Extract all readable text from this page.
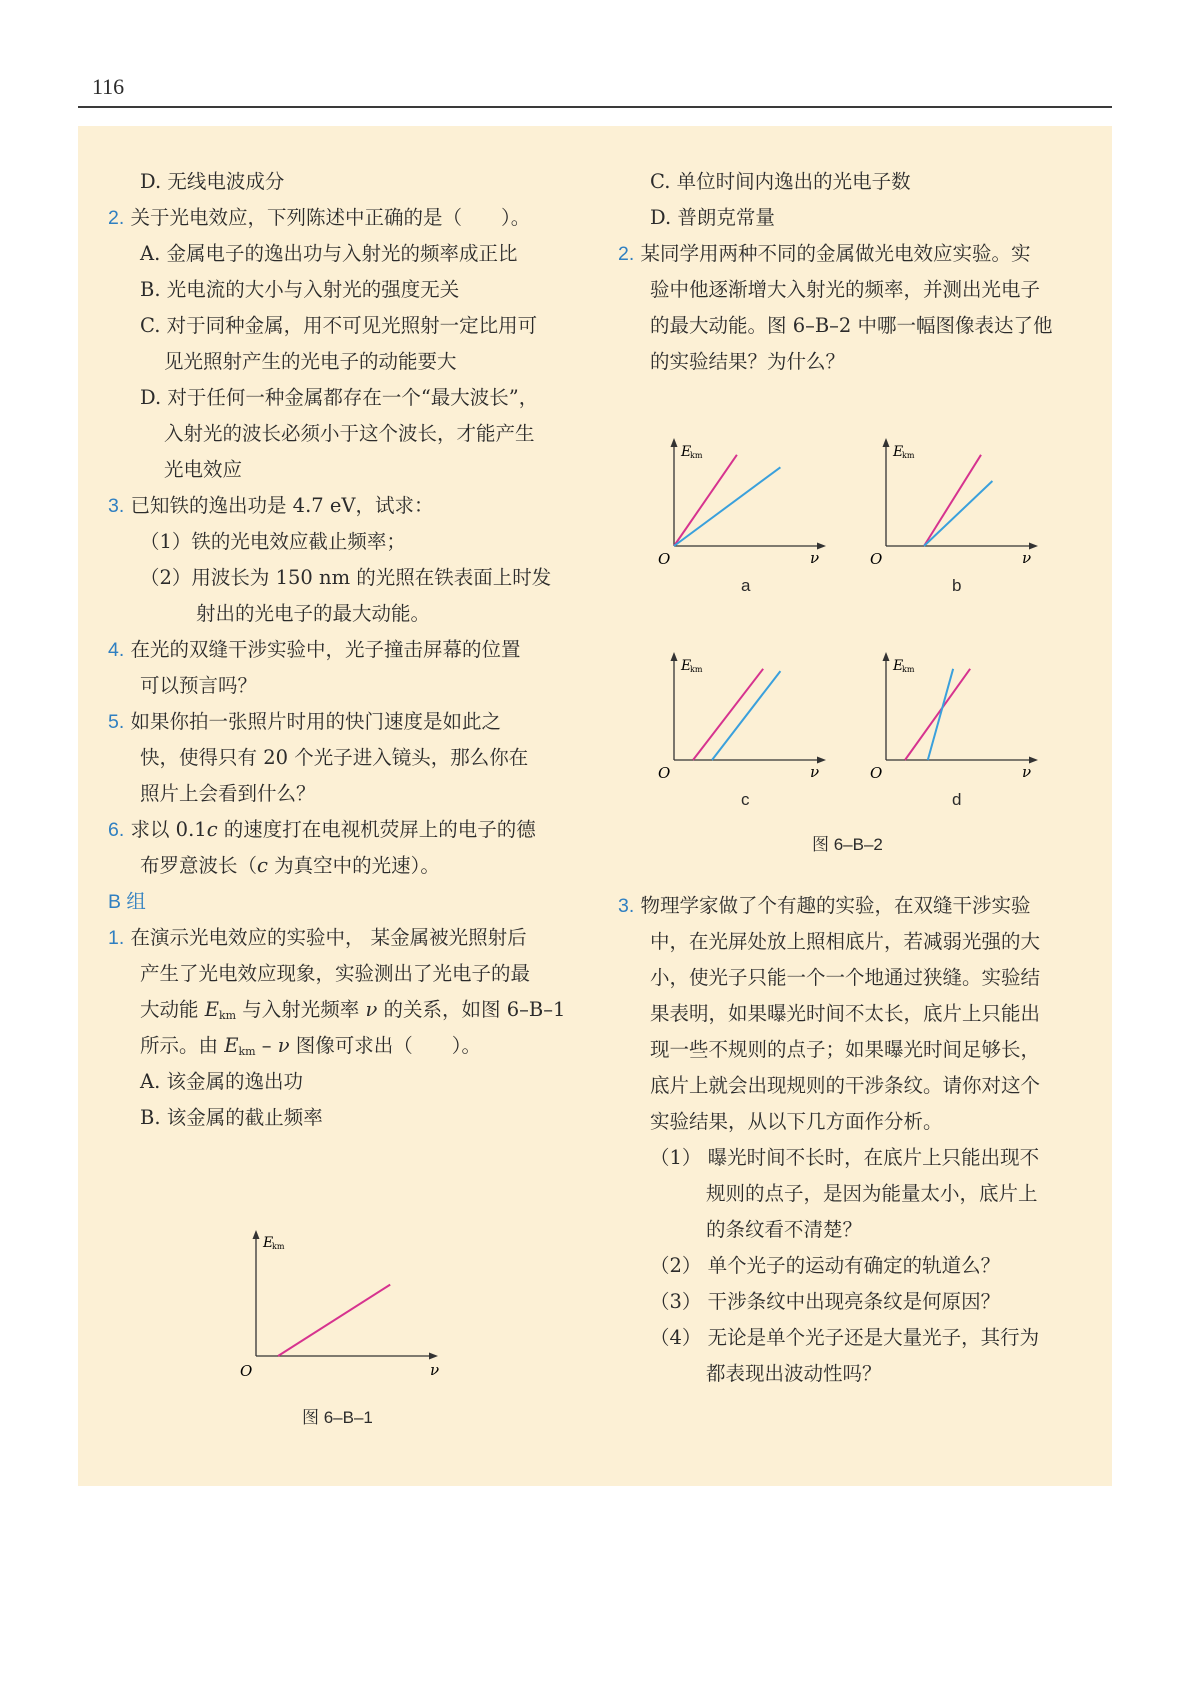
116
D. 无线电波成分
2. 关于光电效应，下列陈述中正确的是（　　）。
A. 金属电子的逸出功与入射光的频率成正比
B. 光电流的大小与入射光的强度无关
C. 对于同种金属，用不可见光照射一定比用可
见光照射产生的光电子的动能要大
D. 对于任何一种金属都存在一个“最大波长”，
入射光的波长必须小于这个波长，才能产生
光电效应
3. 已知铁的逸出功是 4.7 eV，试求：
（1）铁的光电效应截止频率；
（2）用波长为 150 nm 的光照在铁表面上时发
射出的光电子的最大动能。
4. 在光的双缝干涉实验中，光子撞击屏幕的位置
可以预言吗？
5. 如果你拍一张照片时用的快门速度是如此之
快，使得只有 20 个光子进入镜头，那么你在
照片上会看到什么？
6. 求以 0.1c 的速度打在电视机荧屏上的电子的德
布罗意波长（c 为真空中的光速）。
B 组
1. 在演示光电效应的实验中， 某金属被光照射后
产生了光电效应现象，实验测出了光电子的最
大动能 $E_{km}$ 与入射光频率 ν 的关系，如图 6–B–1
所示。由 $E_{km}$ – ν 图像可求出（　　）。
A. 该金属的逸出功
B. 该金属的截止频率
E
km
ν
O
图 6–B–1
C. 单位时间内逸出的光电子数
D. 普朗克常量
2. 某同学用两种不同的金属做光电效应实验。实
验中他逐渐增大入射光的频率，并测出光电子
的最大动能。图 6–B–2 中哪一幅图像表达了他
的实验结果？为什么？
3. 物理学家做了个有趣的实验，在双缝干涉实验
中，在光屏处放上照相底片，若减弱光强的大
小，使光子只能一个一个地通过狭缝。实验结
果表明，如果曝光时间不太长，底片上只能出
现一些不规则的点子；如果曝光时间足够长，
底片上就会出现规则的干涉条纹。请你对这个
实验结果，从以下几方面作分析。
（1） 曝光时间不长时，在底片上只能出现不
规则的点子，是因为能量太小，底片上
的条纹看不清楚？
（2） 单个光子的运动有确定的轨道么？
（3） 干涉条纹中出现亮条纹是何原因？
（4） 无论是单个光子还是大量光子，其行为
都表现出波动性吗？
E
km
ν
O
a
E
km
ν
O
b
E
km
ν
O
c
E
km
ν
O
d
图 6–B–2
